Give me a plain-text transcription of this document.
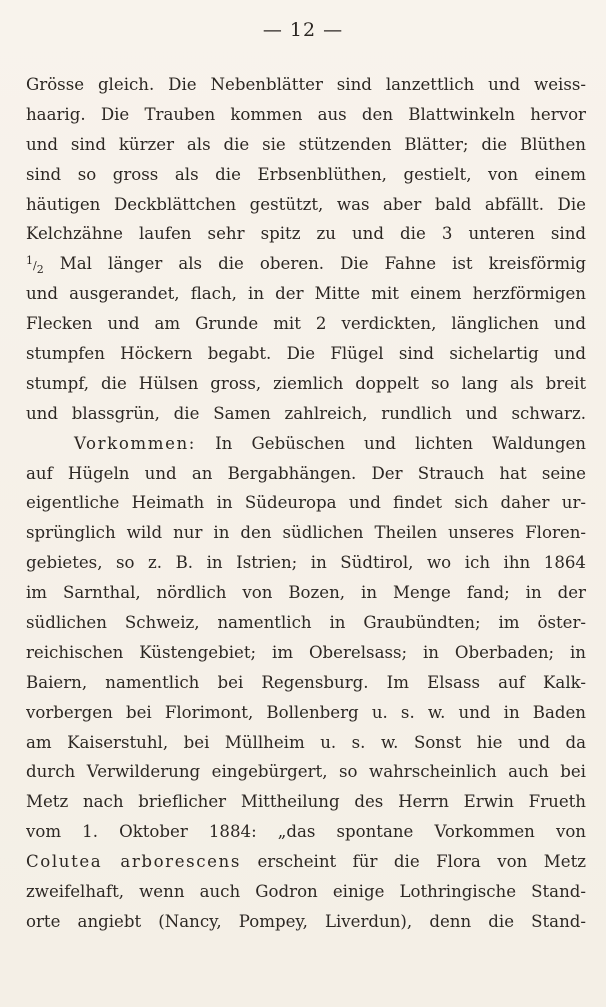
— 12 —
Grösse gleich. Die Nebenblätter sind lanzettlich und weiss-
haarig. Die Trauben kommen aus den Blattwinkeln hervor
und sind kürzer als die sie stützenden Blätter; die Blüthen
sind so gross als die Erbsenblüthen, gestielt, von einem
häutigen Deckblättchen gestützt, was aber bald abfällt. Die
Kelchzähne laufen sehr spitz zu und die 3 unteren sind
1/2 Mal länger als die oberen. Die Fahne ist kreisförmig
und ausgerandet, flach, in der Mitte mit einem herzförmigen
Flecken und am Grunde mit 2 verdickten, länglichen und
stumpfen Höckern begabt. Die Flügel sind sichelartig und
stumpf, die Hülsen gross, ziemlich doppelt so lang als breit
und blassgrün, die Samen zahlreich, rundlich und schwarz.
Vorkommen: In Gebüschen und lichten Waldungen
auf Hügeln und an Bergabhängen. Der Strauch hat seine
eigentliche Heimath in Südeuropa und findet sich daher ur-
sprünglich wild nur in den südlichen Theilen unseres Floren-
gebietes, so z. B. in Istrien; in Südtirol, wo ich ihn 1864
im Sarnthal, nördlich von Bozen, in Menge fand; in der
südlichen Schweiz, namentlich in Graubündten; im öster-
reichischen Küstengebiet; im Oberelsass; in Oberbaden; in
Baiern, namentlich bei Regensburg. Im Elsass auf Kalk-
vorbergen bei Florimont, Bollenberg u. s. w. und in Baden
am Kaiserstuhl, bei Müllheim u. s. w. Sonst hie und da
durch Verwilderung eingebürgert, so wahrscheinlich auch bei
Metz nach brieflicher Mittheilung des Herrn Erwin Frueth
vom 1. Oktober 1884: „das spontane Vorkommen von
Colutea arborescens erscheint für die Flora von Metz
zweifelhaft, wenn auch Godron einige Lothringische Stand-
orte angiebt (Nancy, Pompey, Liverdun), denn die Stand-
